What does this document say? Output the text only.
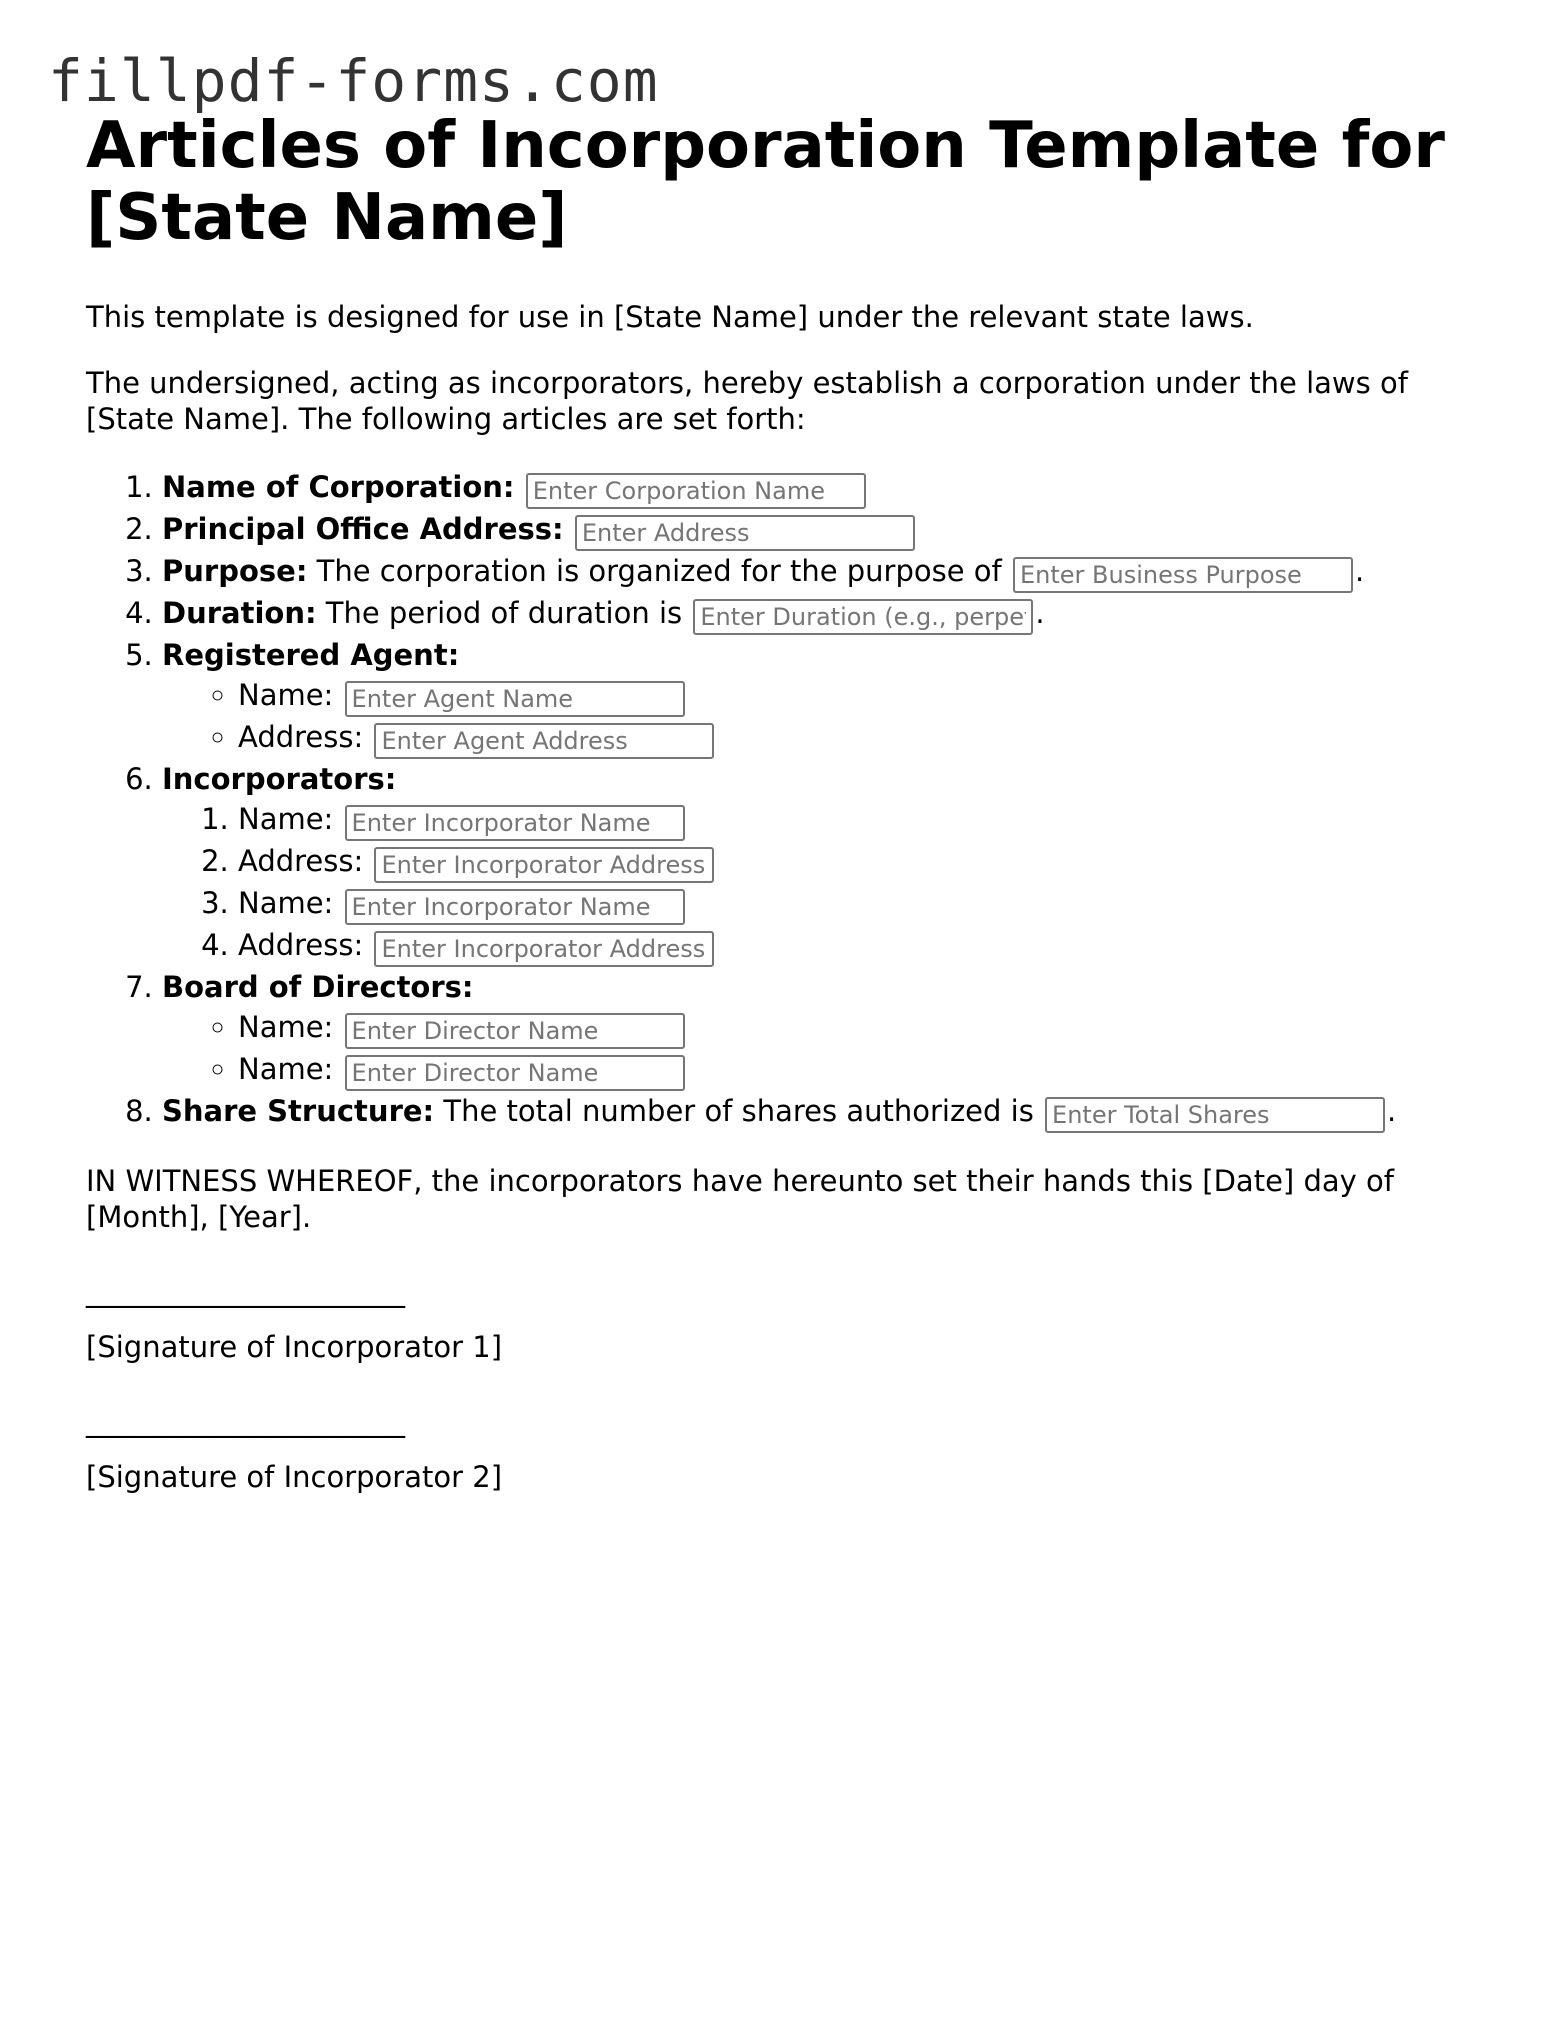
fillpdf-forms.com
Articles of Incorporation Template for [State Name]

This template is designed for use in [State Name] under the relevant state laws.

The undersigned, acting as incorporators, hereby establish a corporation under the laws of [State Name]. The following articles are set forth:

1. Name of Corporation: Enter Corporation Name
2. Principal Office Address: Enter Address
3. Purpose: The corporation is organized for the purpose of Enter Business Purpose	.
4. Duration: The period of duration is Enter Duration (e.g., perpetual)	.
5. Registered Agent:
◦ Name: Enter Agent Name
◦ Address: Enter Agent Address
6. Incorporators:
1. Name: Enter Incorporator Name
2. Address: Enter Incorporator Address
3. Name: Enter Incorporator Name
4. Address: Enter Incorporator Address
7. Board of Directors:
◦ Name: Enter Director Name
◦ Name: Enter Director Name
8. Share Structure: The total number of shares authorized is Enter Total Shares	.

IN WITNESS WHEREOF, the incorporators have hereunto set their hands this [Date] day of [Month], [Year].

______________________
[Signature of Incorporator 1]
______________________
[Signature of Incorporator 2]
